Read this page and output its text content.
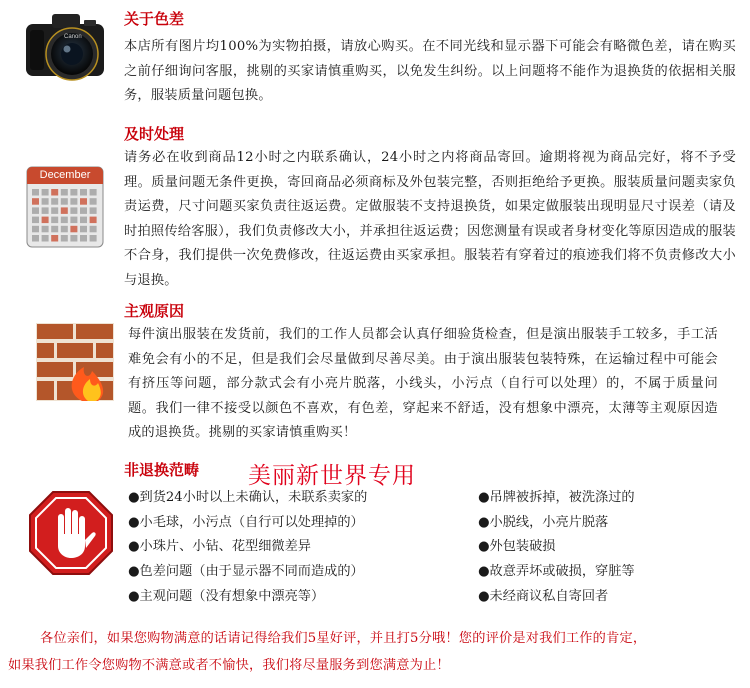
Canon
关于色差
本店所有图片均100%为实物拍摄，请放心购买。在不同光线和显示器下可能会有略微色差，请在购买之前仔细询问客服，挑剔的买家请慎重购买，以免发生纠纷。以上问题将不能作为退换货的依据相关服务，服装质量问题包换。
December
及时处理
请务必在收到商品12小时之内联系确认，24小时之内将商品寄回。逾期将视为商品完好，将不予受理。质量问题无条件更换，寄回商品必须商标及外包装完整，否则拒绝给予更换。服装质量问题卖家负责运费，尺寸问题买家负责往返运费。定做服装不支持退换货，如果定做服装出现明显尺寸误差（请及时拍照传给客服），我们负责修改大小，并承担往返运费；因您测量有误或者身材变化等原因造成的服装不合身，我们提供一次免费修改，往返运费由买家承担。服装若有穿着过的痕迹我们将不负责修改大小与退换。
主观原因
每件演出服装在发货前，我们的工作人员都会认真仔细验货检查，但是演出服装手工较多，手工活难免会有小的不足，但是我们会尽量做到尽善尽美。由于演出服装包装特殊，在运输过程中可能会有挤压等问题，部分款式会有小亮片脱落，小线头，小污点（自行可以处理）的，不属于质量问题。我们一律不接受以颜色不喜欢，有色差，穿起来不舒适，没有想象中漂亮，太薄等主观原因造成的退换货。挑剔的买家请慎重购买！
非退换范畴 美丽新世界专用
●到货24小时以上未确认，未联系卖家的
●小毛球，小污点（自行可以处理掉的）
●小珠片、小钻、花型细微差异
●色差问题（由于显示器不同而造成的）
●主观问题（没有想象中漂亮等）
●吊牌被拆掉，被洗涤过的
●小脱线，小亮片脱落
●外包装破损
●故意弄坏或破损，穿脏等
●未经商议私自寄回者
各位亲们，如果您购物满意的话请记得给我们5星好评，并且打5分哦！您的评价是对我们工作的肯定，
如果我们工作令您购物不满意或者不愉快，我们将尽量服务到您满意为止！
